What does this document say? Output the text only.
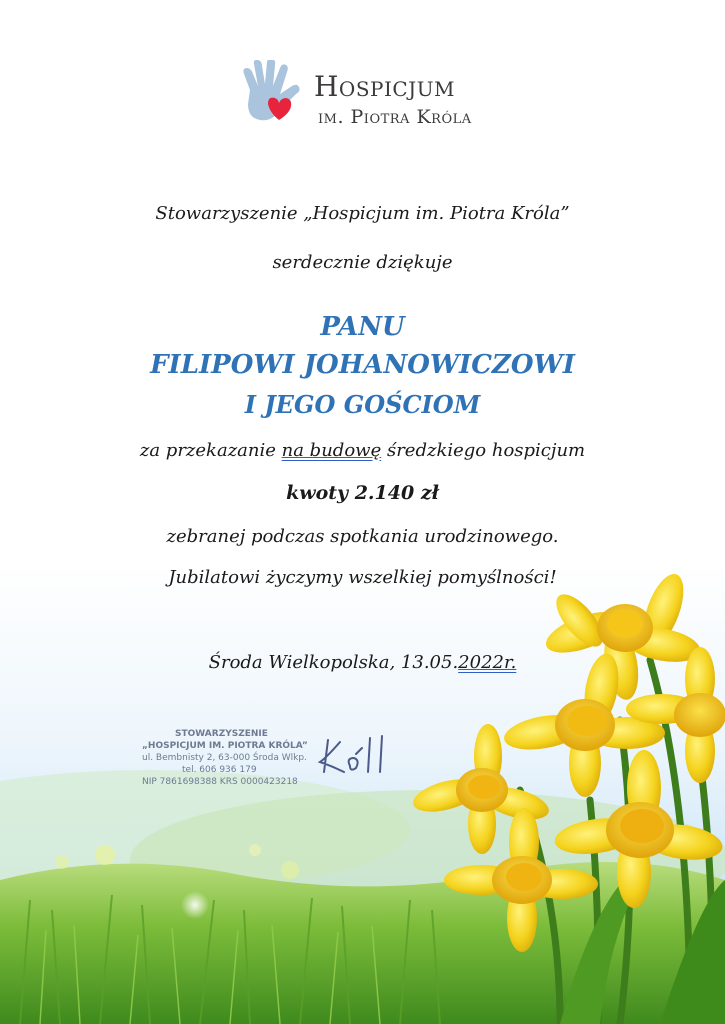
Hospicjum
im. Piotra Króla
Stowarzyszenie „Hospicjum im. Piotra Króla”
serdecznie dziękuje
PANU
FILIPOWI JOHANOWICZOWI
I JEGO GOŚCIOM
za przekazanie na budowę średzkiego hospicjum
kwoty 2.140 zł
zebranej podczas spotkania urodzinowego.
Jubilatowi życzymy wszelkiej pomyślności!
Środa Wielkopolska, 13.05.2022r.
STOWARZYSZENIE
„HOSPICJUM IM. PIOTRA KRÓLA”
ul. Bembnisty 2, 63-000 Środa Wlkp.
tel. 606 936 179
NIP 7861698388 KRS 0000423218
